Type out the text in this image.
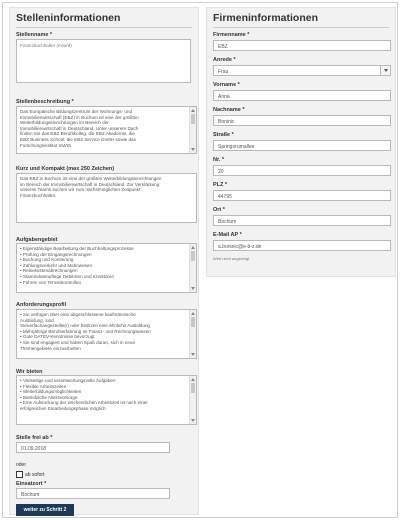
Stelleninformationen
Stellenname *
Finanzbuchhalter (m/w/d)
Stellenbeschreibung *
Das Europäische Bildungszentrum der Wohnungs- und
Immobilienwirtschaft (EBZ) in Bochum ist eine der größten
Weiterbildungseinrichtungen im Bereich der
Immobilienwirtschaft in Deutschland. Unter unserem Dach
finden Sie das EBZ Berufskolleg, die EBZ Akademie, die
EBZ Business School, die EBZ Service GmbH sowie das
Forschungsinstitut InWIS.
Kurz und Kompakt (max 250 Zeichen)
Das EBZ in Bochum ist eine der größten Weiterbildungseinrichtungen
im Bereich der Immobilienwirtschaft in Deutschland. Zur Verstärkung
unseres Teams suchen wir zum nächstmöglichen Zeitpunkt
Finanzbuchhalter.
Aufgabengebiet
• Eigenständige Bearbeitung der Buchhaltungsprozesse
• Prüfung der Eingangsrechnungen
• Buchung und Kontierung
• Zahlungsverkehr und Mahnwesen
• Reisekostenabrechnungen
• Stammdatenpflege Debitoren und Kreditoren
• Führen von Terminkontrollen
Anforderungsprofil
• Sie verfügen über eine abgeschlossene kaufmännische
Ausbildung, sind
Steuerfachangestellte(r) oder besitzen eine ähnliche Ausbildung
• Mehrjährige Berufserfahrung im Finanz- und Rechnungswesen
• Gute DATEV-Kenntnisse bevorzugt
• Sie sind engagiert und haben Spaß daran, sich in neue
Themengebiete einzuarbeiten
Wir bieten
• Vielseitige und verantwortungsvolle Aufgaben
• Flexible Arbeitszeiten
• Weiterbildungsmöglichkeiten
• Betriebliche Altersvorsorge
• Eine Aufstockung der wöchentlichen Arbeitszeit ist nach einer
erfolgreichen Einarbeitungsphase möglich
Stelle frei ab *
01.09.2018
oder
ab sofort
Einsatzort *
Bochum
weiter zu Schritt 2
Firmeninformationen
Firmenname *
EBZ
Anrede *
Frau
Vorname *
Anna
Nachname *
Boninic
Straße *
Springorumallee
Nr. *
20
PLZ *
44795
Ort *
Bochum
E-Mail AP *
a.boninic@e-b-z.de
Wird nicht angezeigt
